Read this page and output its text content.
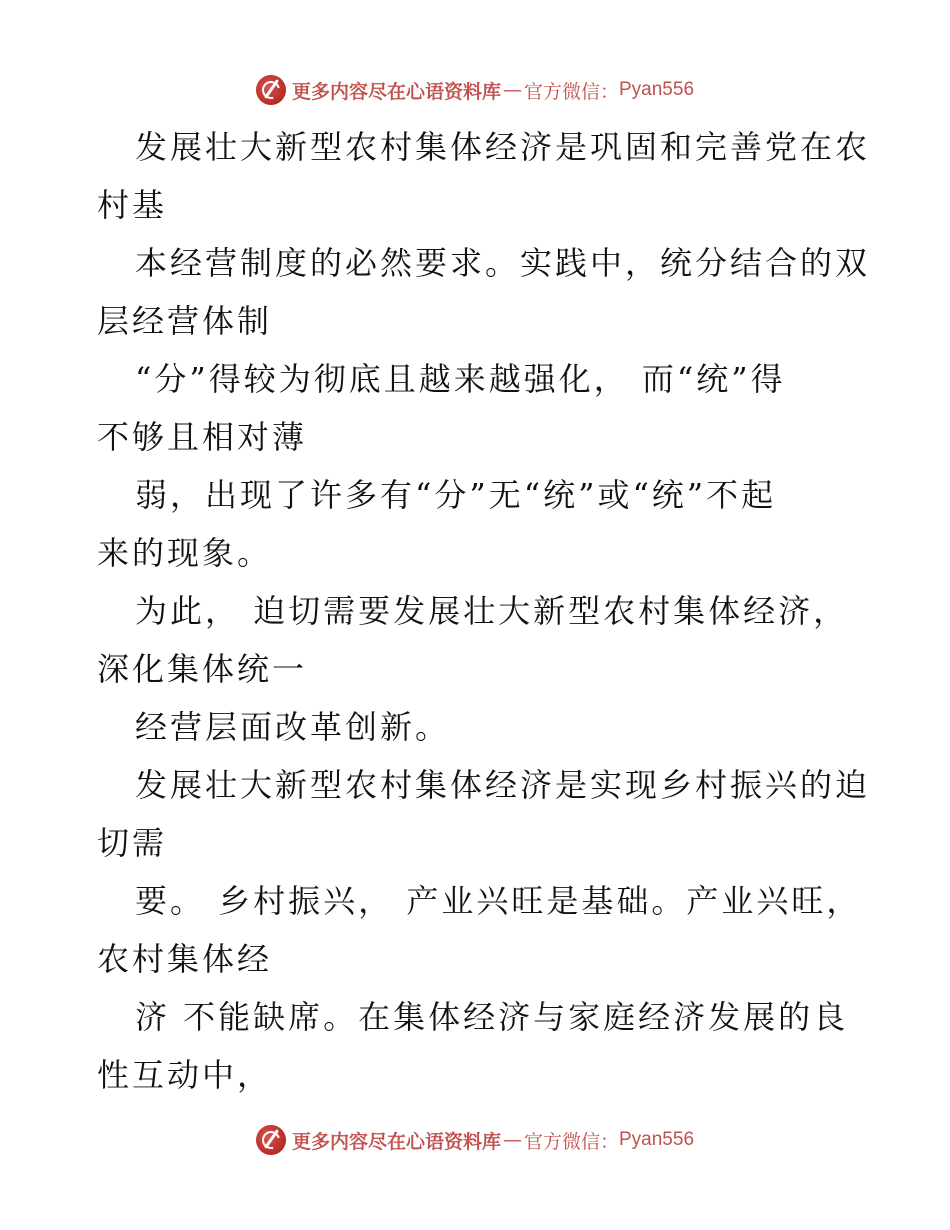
更多内容尽在心语资料库 — 官方微信： Pyan556
发展壮大新型农村集体经济是巩固和完善党在农
村基
本经营制度的必然要求。实践中，统分结合的双
层经营体制
“分”得较为彻底且越来越强化， 而“统”得
不够且相对薄
弱，出现了许多有“分”无“统”或“统”不起
来的现象。
为此， 迫切需要发展壮大新型农村集体经济，
深化集体统一
经营层面改革创新。
发展壮大新型农村集体经济是实现乡村振兴的迫
切需
要。 乡村振兴， 产业兴旺是基础。产业兴旺，
农村集体经
济 不能缺席。在集体经济与家庭经济发展的良
性互动中，
更多内容尽在心语资料库 — 官方微信： Pyan556
